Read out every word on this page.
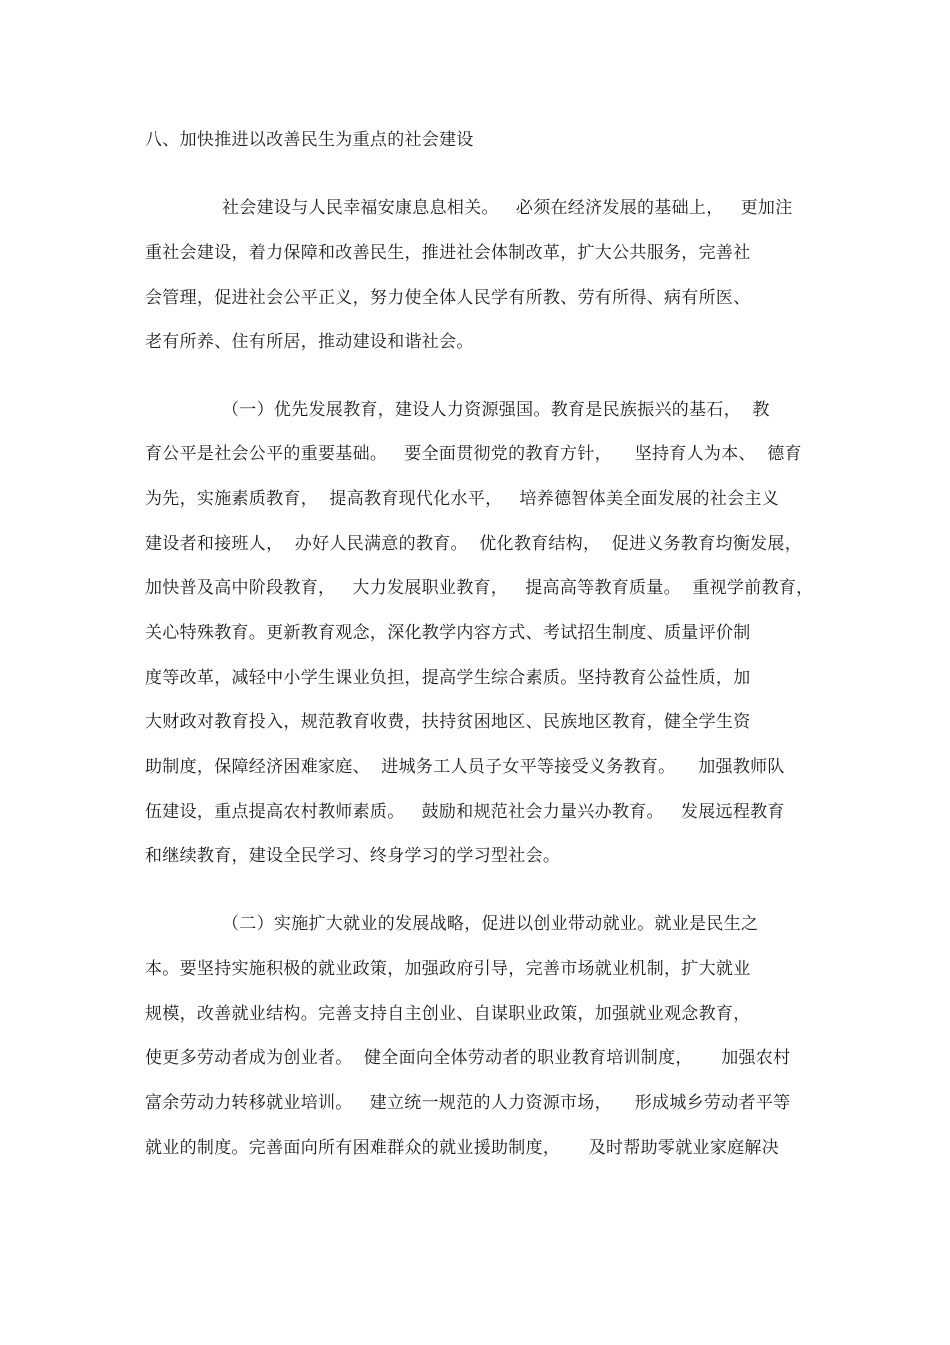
八、加快推进以改善民生为重点的社会建设
社会建设与人民幸福安康息息相关。   必须在经济发展的基础上，   更加注
重社会建设，着力保障和改善民生，推进社会体制改革，扩大公共服务，完善社
会管理，促进社会公平正义，努力使全体人民学有所教、劳有所得、病有所医、
老有所养、住有所居，推动建设和谐社会。
（一）优先发展教育，建设人力资源强国。教育是民族振兴的基石，  教
育公平是社会公平的重要基础。   要全面贯彻党的教育方针，    坚持育人为本、  德育
为先，实施素质教育，  提高教育现代化水平，   培养德智体美全面发展的社会主义
建设者和接班人，  办好人民满意的教育。  优化教育结构，  促进义务教育均衡发展，
加快普及高中阶段教育，   大力发展职业教育，   提高高等教育质量。  重视学前教育，
关心特殊教育。更新教育观念，深化教学内容方式、考试招生制度、质量评价制
度等改革，减轻中小学生课业负担，提高学生综合素质。坚持教育公益性质，加
大财政对教育投入，规范教育收费，扶持贫困地区、民族地区教育，健全学生资
助制度，保障经济困难家庭、  进城务工人员子女平等接受义务教育。    加强教师队
伍建设，重点提高农村教师素质。   鼓励和规范社会力量兴办教育。   发展远程教育
和继续教育，建设全民学习、终身学习的学习型社会。
（二）实施扩大就业的发展战略，促进以创业带动就业。就业是民生之
本。要坚持实施积极的就业政策，加强政府引导，完善市场就业机制，扩大就业
规模，改善就业结构。完善支持自主创业、自谋职业政策，加强就业观念教育，
使更多劳动者成为创业者。  健全面向全体劳动者的职业教育培训制度，     加强农村
富余劳动力转移就业培训。   建立统一规范的人力资源市场，    形成城乡劳动者平等
就业的制度。完善面向所有困难群众的就业援助制度，     及时帮助零就业家庭解决
